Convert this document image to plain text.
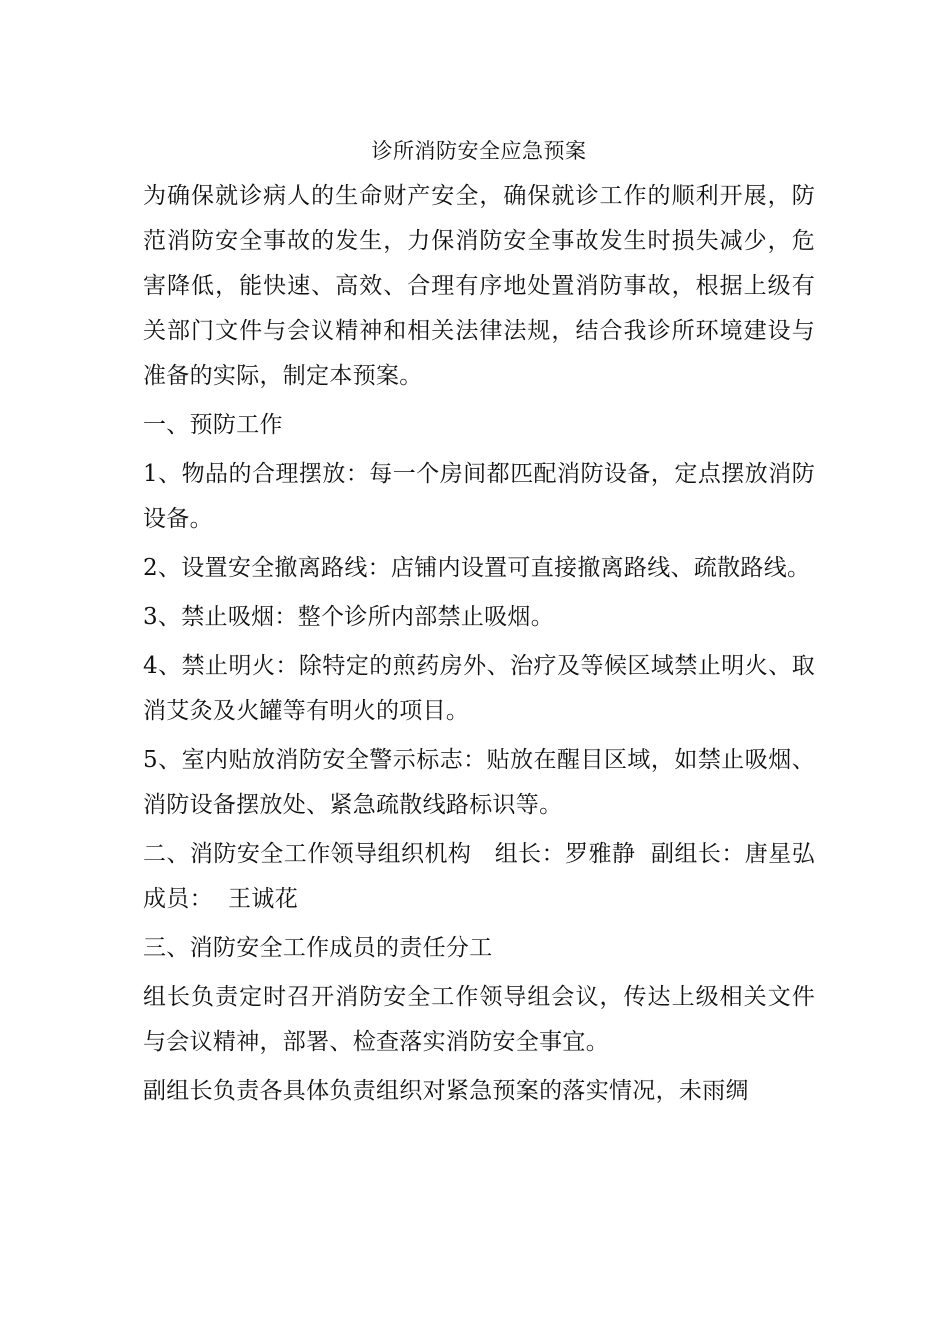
诊所消防安全应急预案

为确保就诊病人的生命财产安全，确保就诊工作的顺利开展，防范消防安全事故的发生，力保消防安全事故发生时损失减少，危害降低，能快速、高效、合理有序地处置消防事故，根据上级有关部门文件与会议精神和相关法律法规，结合我诊所环境建设与准备的实际，制定本预案。

一、预防工作

1、物品的合理摆放：每一个房间都匹配消防设备，定点摆放消防设备。

2、设置安全撤离路线：店铺内设置可直接撤离路线、疏散路线。

3、禁止吸烟：整个诊所内部禁止吸烟。

4、禁止明火：除特定的煎药房外、治疗及等候区域禁止明火、取消艾灸及火罐等有明火的项目。

5、室内贴放消防安全警示标志：贴放在醒目区域，如禁止吸烟、消防设备摆放处、紧急疏散线路标识等。

二、消防安全工作领导组织机构   组长：罗雅静  副组长：唐星弘   成员：  王诚花

三、消防安全工作成员的责任分工

组长负责定时召开消防安全工作领导组会议，传达上级相关文件与会议精神，部署、检查落实消防安全事宜。

副组长负责各具体负责组织对紧急预案的落实情况，未雨绸
